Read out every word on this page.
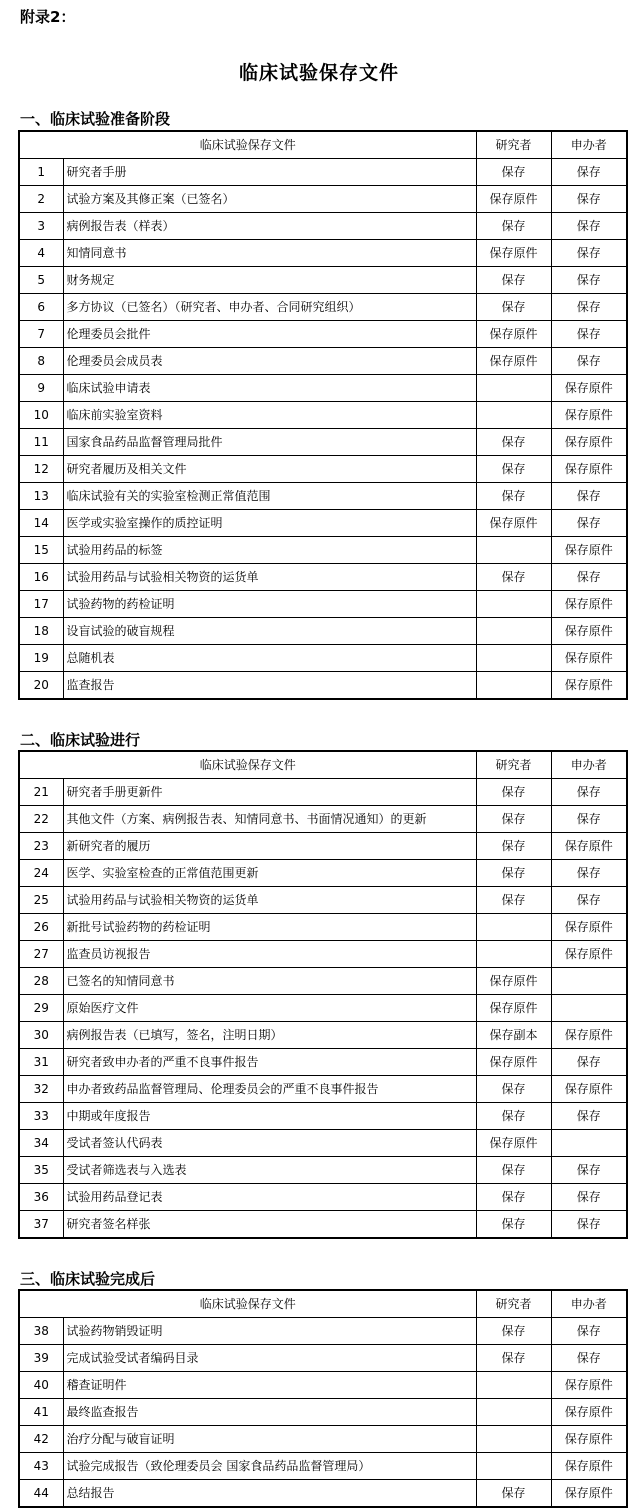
附录2：
临床试验保存文件
一、临床试验准备阶段
临床试验保存文件		研究者	申办者
1	研究者手册	保存	保存
2	试验方案及其修正案（已签名）	保存原件	保存
3	病例报告表（样表）	保存	保存
4	知情同意书	保存原件	保存
5	财务规定	保存	保存
6	多方协议（已签名）（研究者、申办者、合同研究组织）	保存	保存
7	伦理委员会批件	保存原件	保存
8	伦理委员会成员表	保存原件	保存
9	临床试验申请表		保存原件
10	临床前实验室资料		保存原件
11	国家食品药品监督管理局批件	保存	保存原件
12	研究者履历及相关文件	保存	保存原件
13	临床试验有关的实验室检测正常值范围	保存	保存
14	医学或实验室操作的质控证明	保存原件	保存
15	试验用药品的标签		保存原件
16	试验用药品与试验相关物资的运货单	保存	保存
17	试验药物的药检证明		保存原件
18	设盲试验的破盲规程		保存原件
19	总随机表		保存原件
20	监查报告		保存原件
二、临床试验进行
临床试验保存文件		研究者	申办者
21	研究者手册更新件	保存	保存
22	其他文件（方案、病例报告表、知情同意书、书面情况通知）的更新	保存	保存
23	新研究者的履历	保存	保存原件
24	医学、实验室检查的正常值范围更新	保存	保存
25	试验用药品与试验相关物资的运货单	保存	保存
26	新批号试验药物的药检证明		保存原件
27	监查员访视报告		保存原件
28	已签名的知情同意书	保存原件	
29	原始医疗文件	保存原件	
30	病例报告表（已填写，签名，注明日期）	保存副本	保存原件
31	研究者致申办者的严重不良事件报告	保存原件	保存
32	申办者致药品监督管理局、伦理委员会的严重不良事件报告	保存	保存原件
33	中期或年度报告	保存	保存
34	受试者签认代码表	保存原件	
35	受试者筛选表与入选表	保存	保存
36	试验用药品登记表	保存	保存
37	研究者签名样张	保存	保存
三、临床试验完成后
临床试验保存文件		研究者	申办者
38	试验药物销毁证明	保存	保存
39	完成试验受试者编码目录	保存	保存
40	稽查证明件		保存原件
41	最终监查报告		保存原件
42	治疗分配与破盲证明		保存原件
43	试验完成报告（致伦理委员会 国家食品药品监督管理局）		保存原件
44	总结报告	保存	保存原件
